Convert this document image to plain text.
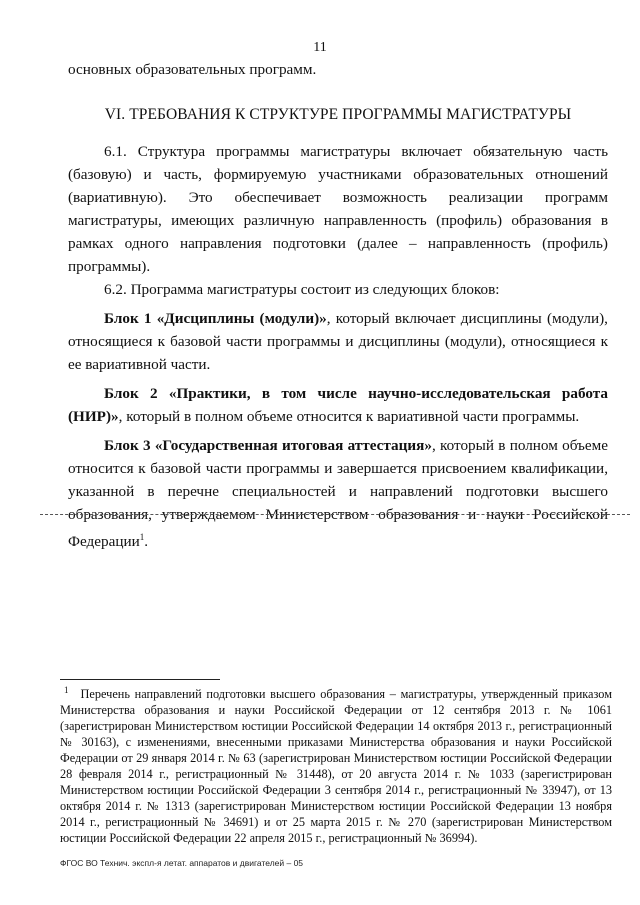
11

основных образовательных программ.

VI. ТРЕБОВАНИЯ К СТРУКТУРЕ ПРОГРАММЫ МАГИСТРАТУРЫ

6.1. Структура программы магистратуры включает обязательную часть (базовую) и часть, формируемую участниками образовательных отношений (вариативную). Это обеспечивает возможность реализации программ магистратуры, имеющих различную направленность (профиль) образования в рамках одного направления подготовки (далее – направленность (профиль) программы).

6.2. Программа магистратуры состоит из следующих блоков:

Блок 1 «Дисциплины (модули)», который включает дисциплины (модули), относящиеся к базовой части программы и дисциплины (модули), относящиеся к ее вариативной части.

Блок 2 «Практики, в том числе научно-исследовательская работа (НИР)», который в полном объеме относится к вариативной части программы.

Блок 3 «Государственная итоговая аттестация», который в полном объеме относится к базовой части программы и завершается присвоением квалификации, указанной в перечне специальностей и направлений подготовки высшего образования, утверждаемом Министерством образования и науки Российской Федерации$^1$.

$^1$ Перечень направлений подготовки высшего образования – магистратуры, утвержденный приказом Министерства образования и науки Российской Федерации от 12 сентября 2013 г. № 1061 (зарегистрирован Министерством юстиции Российской Федерации 14 октября 2013 г., регистрационный № 30163), с изменениями, внесенными приказами Министерства образования и науки Российской Федерации от 29 января 2014 г. № 63 (зарегистрирован Министерством юстиции Российской Федерации 28 февраля 2014 г., регистрационный № 31448), от 20 августа 2014 г. № 1033 (зарегистрирован Министерством юстиции Российской Федерации 3 сентября 2014 г., регистрационный № 33947), от 13 октября 2014 г. № 1313 (зарегистрирован Министерством юстиции Российской Федерации 13 ноября 2014 г., регистрационный № 34691) и от 25 марта 2015 г. № 270 (зарегистрирован Министерством юстиции Российской Федерации 22 апреля 2015 г., регистрационный № 36994).
ФГОС ВО Технич. экспл-я летат. аппаратов и двигателей – 05
